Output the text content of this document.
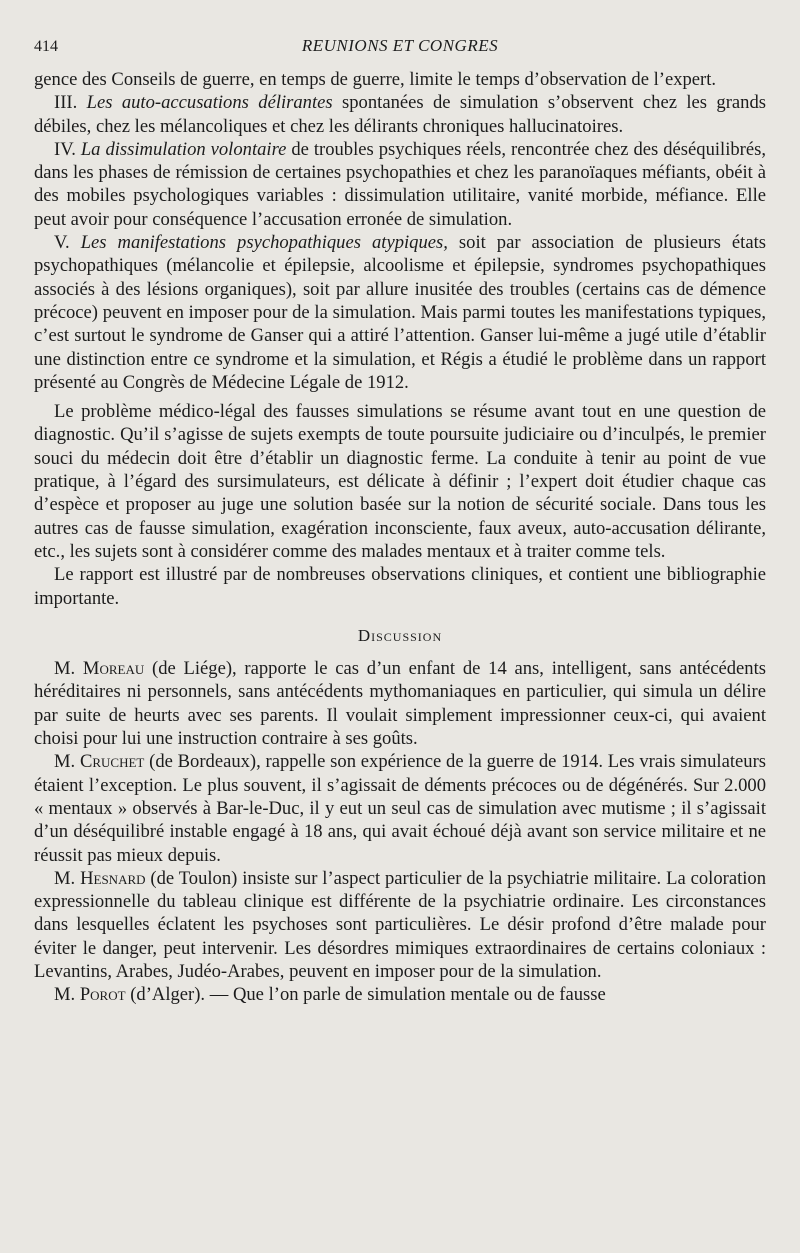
414	REUNIONS ET CONGRES

gence des Conseils de guerre, en temps de guerre, limite le temps d’observation de l’expert.

III. Les auto-accusations délirantes spontanées de simulation s’observent chez les grands débiles, chez les mélancoliques et chez les délirants chroniques hallucinatoires.

IV. La dissimulation volontaire de troubles psychiques réels, rencontrée chez des déséquilibrés, dans les phases de rémission de certaines psychopathies et chez les paranoïaques méfiants, obéit à des mobiles psychologiques variables : dissimulation utilitaire, vanité morbide, méfiance. Elle peut avoir pour conséquence l’accusation erronée de simulation.

V. Les manifestations psychopathiques atypiques, soit par association de plusieurs états psychopathiques (mélancolie et épilepsie, alcoolisme et épilepsie, syndromes psychopathiques associés à des lésions organiques), soit par allure inusitée des troubles (certains cas de démence précoce) peuvent en imposer pour de la simulation. Mais parmi toutes les manifestations typiques, c’est surtout le syndrome de Ganser qui a attiré l’attention. Ganser lui-même a jugé utile d’établir une distinction entre ce syndrome et la simulation, et Régis a étudié le problème dans un rapport présenté au Congrès de Médecine Légale de 1912.

Le problème médico-légal des fausses simulations se résume avant tout en une question de diagnostic. Qu’il s’agisse de sujets exempts de toute poursuite judiciaire ou d’inculpés, le premier souci du médecin doit être d’établir un diagnostic ferme. La conduite à tenir au point de vue pratique, à l’égard des sursimulateurs, est délicate à définir ; l’expert doit étudier chaque cas d’espèce et proposer au juge une solution basée sur la notion de sécurité sociale. Dans tous les autres cas de fausse simulation, exagération inconsciente, faux aveux, auto-accusation délirante, etc., les sujets sont à considérer comme des malades mentaux et à traiter comme tels.

Le rapport est illustré par de nombreuses observations cliniques, et contient une bibliographie importante.

Discussion

M. Moreau (de Liége), rapporte le cas d’un enfant de 14 ans, intelligent, sans antécédents héréditaires ni personnels, sans antécédents mythomaniaques en particulier, qui simula un délire par suite de heurts avec ses parents. Il voulait simplement impressionner ceux-ci, qui avaient choisi pour lui une instruction contraire à ses goûts.

M. Cruchet (de Bordeaux), rappelle son expérience de la guerre de 1914. Les vrais simulateurs étaient l’exception. Le plus souvent, il s’agissait de déments précoces ou de dégénérés. Sur 2.000 « mentaux » observés à Bar-le-Duc, il y eut un seul cas de simulation avec mutisme ; il s’agissait d’un déséquilibré instable engagé à 18 ans, qui avait échoué déjà avant son service militaire et ne réussit pas mieux depuis.

M. Hesnard (de Toulon) insiste sur l’aspect particulier de la psychiatrie militaire. La coloration expressionnelle du tableau clinique est différente de la psychiatrie ordinaire. Les circonstances dans lesquelles éclatent les psychoses sont particulières. Le désir profond d’être malade pour éviter le danger, peut intervenir. Les désordres mimiques extraordinaires de certains coloniaux : Levantins, Arabes, Judéo-Arabes, peuvent en imposer pour de la simulation.

M. Porot (d’Alger). — Que l’on parle de simulation mentale ou de fausse
